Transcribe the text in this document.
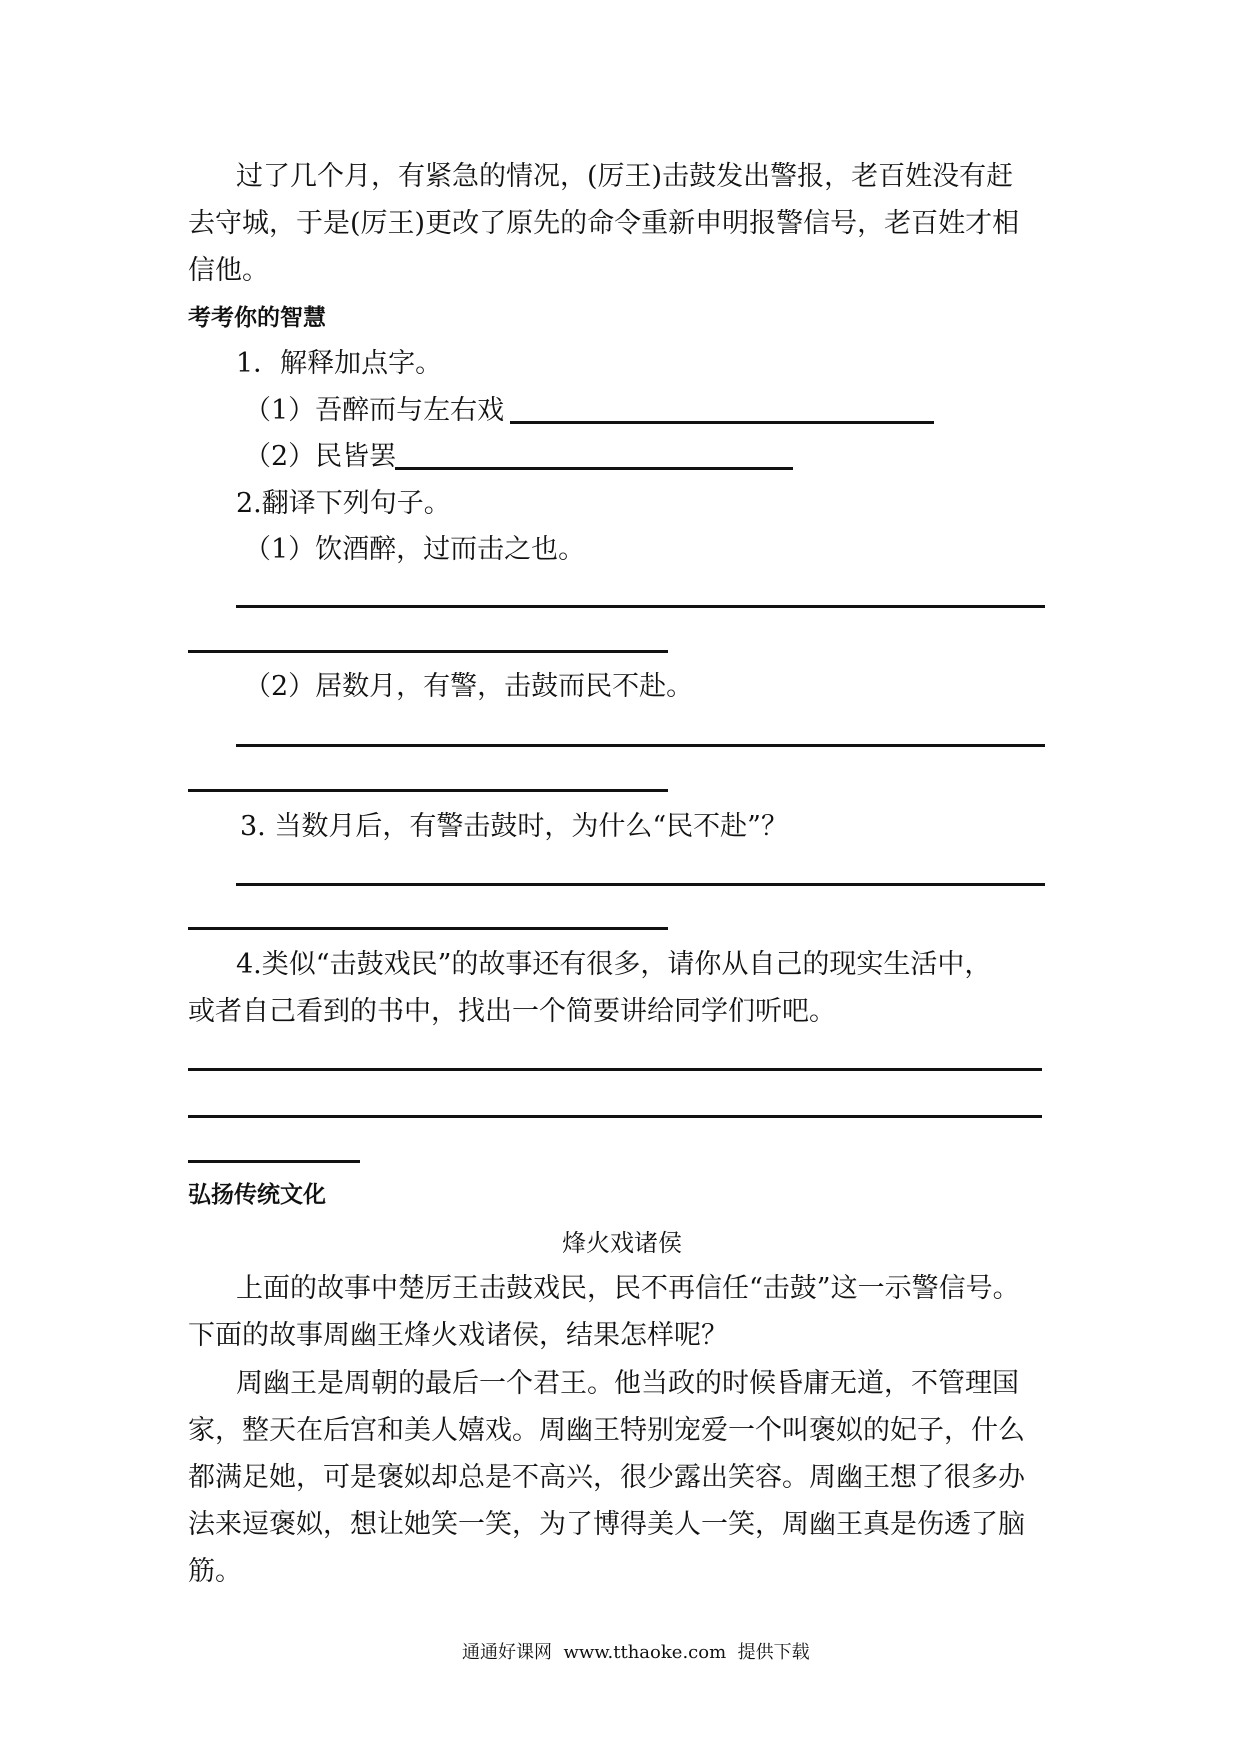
过了几个月，有紧急的情况，(厉王)击鼓发出警报，老百姓没有赶
去守城，于是(厉王)更改了原先的命令重新申明报警信号，老百姓才相
信他。
考考你的智慧
1．解释加点字。
（1）吾醉而与左右戏
（2）民皆罢
2.翻译下列句子。
（1）饮酒醉，过而击之也。
（2）居数月，有警，击鼓而民不赴。
3. 当数月后，有警击鼓时，为什么“民不赴”？
4.类似“击鼓戏民”的故事还有很多，请你从自己的现实生活中，
或者自己看到的书中，找出一个简要讲给同学们听吧。
弘扬传统文化
烽火戏诸侯
上面的故事中楚厉王击鼓戏民，民不再信任“击鼓”这一示警信号。
下面的故事周幽王烽火戏诸侯，结果怎样呢？
周幽王是周朝的最后一个君王。他当政的时候昏庸无道，不管理国
家，整天在后宫和美人嬉戏。周幽王特别宠爱一个叫褒姒的妃子，什么
都满足她，可是褒姒却总是不高兴，很少露出笑容。周幽王想了很多办
法来逗褒姒，想让她笑一笑，为了博得美人一笑，周幽王真是伤透了脑
筋。
通通好课网  www.tthaoke.com  提供下载
